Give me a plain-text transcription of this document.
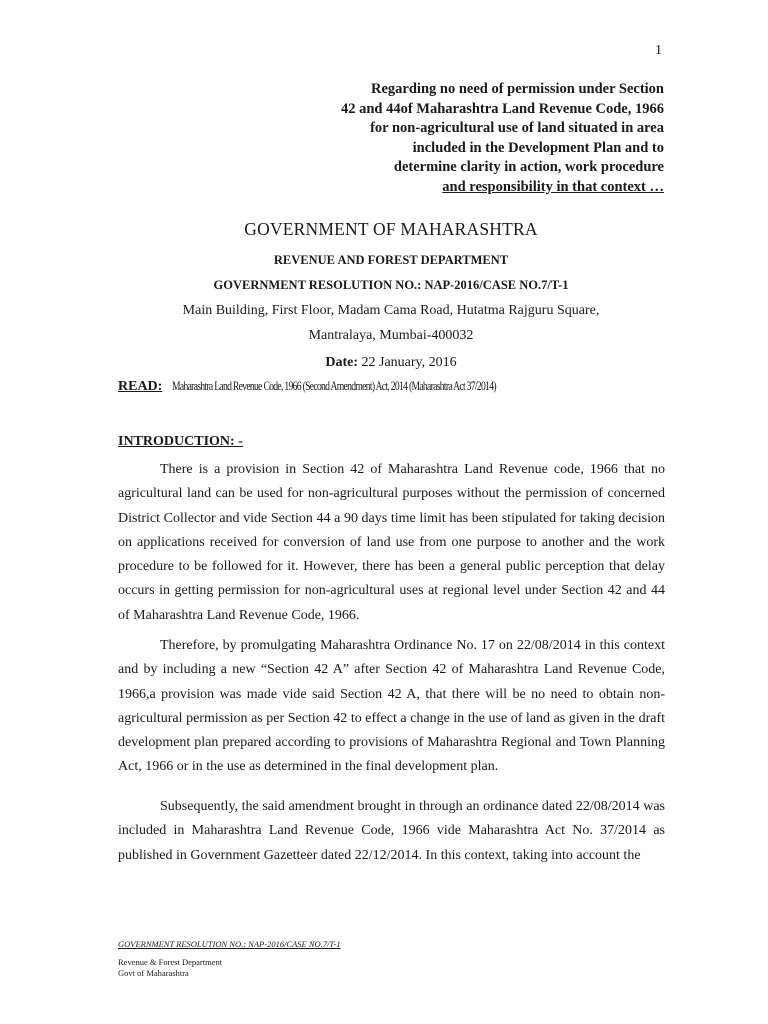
1
Regarding no need of permission under Section
42 and 44of Maharashtra Land Revenue Code, 1966
for non-agricultural use of land situated in area
included in the Development Plan and to
determine clarity in action, work procedure
and responsibility in that context …
GOVERNMENT OF MAHARASHTRA
REVENUE AND FOREST DEPARTMENT
GOVERNMENT RESOLUTION NO.: NAP-2016/CASE NO.7/T-1
Main Building, First Floor, Madam Cama Road, Hutatma Rajguru Square,
Mantralaya, Mumbai-400032
Date: 22 January, 2016
READ: Maharashtra Land Revenue Code, 1966 (Second Amendment) Act, 2014 (Maharashtra Act 37/2014)
INTRODUCTION: -

There is a provision in Section 42 of Maharashtra Land Revenue code, 1966 that no agricultural land can be used for non-agricultural purposes without the permission of concerned District Collector and vide Section 44 a 90 days time limit has been stipulated for taking decision on applications received for conversion of land use from one purpose to another and the work procedure to be followed for it. However, there has been a general public perception that delay occurs in getting permission for non-agricultural uses at regional level under Section 42 and 44 of Maharashtra Land Revenue Code, 1966.

Therefore, by promulgating Maharashtra Ordinance No. 17 on 22/08/2014 in this context and by including a new “Section 42 A” after Section 42 of Maharashtra Land Revenue Code, 1966,a provision was made vide said Section 42 A, that there will be no need to obtain non-agricultural permission as per Section 42 to effect a change in the use of land as given in the draft development plan prepared according to provisions of Maharashtra Regional and Town Planning Act, 1966 or in the use as determined in the final development plan.

Subsequently, the said amendment brought in through an ordinance dated 22/08/2014 was included in Maharashtra Land Revenue Code, 1966 vide Maharashtra Act No. 37/2014 as published in Government Gazetteer dated 22/12/2014. In this context, taking into account the

GOVERNMENT RESOLUTION NO.: NAP-2016/CASE NO.7/T-1
Revenue & Forest Department
Govt of Maharashtra
